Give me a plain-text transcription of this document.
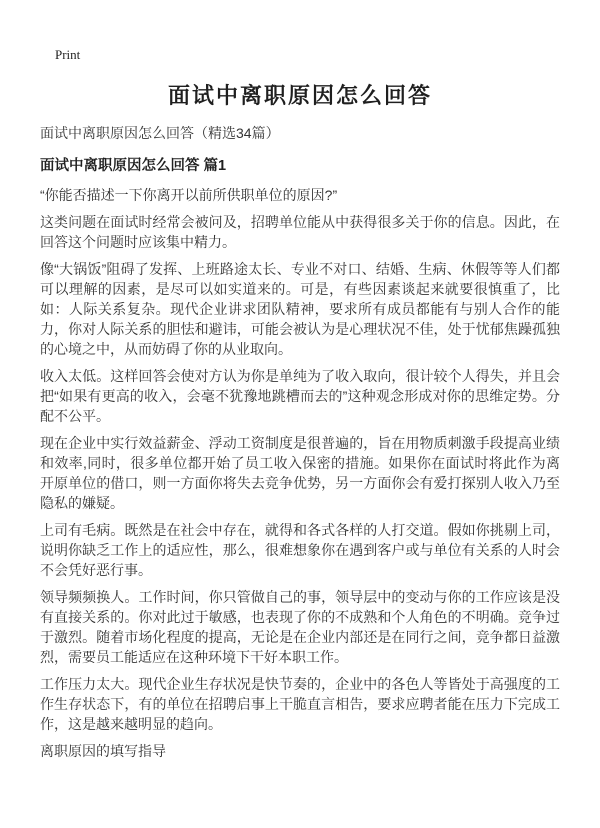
Print
面试中离职原因怎么回答
面试中离职原因怎么回答（精选34篇）
面试中离职原因怎么回答 篇1

“你能否描述一下你离开以前所供职单位的原因?”

这类问题在面试时经常会被问及，招聘单位能从中获得很多关于你的信息。因此，在回答这个问题时应该集中精力。

像“大锅饭”阻碍了发挥、上班路途太长、专业不对口、结婚、生病、休假等等人们都可以理解的因素，是尽可以如实道来的。可是，有些因素谈起来就要很慎重了，比如：人际关系复杂。现代企业讲求团队精神，要求所有成员都能有与别人合作的能力，你对人际关系的胆怯和避讳，可能会被认为是心理状况不佳，处于忧郁焦躁孤独的心境之中，从而妨碍了你的从业取向。

收入太低。这样回答会使对方认为你是单纯为了收入取向，很计较个人得失，并且会把“如果有更高的收入，会毫不犹豫地跳槽而去的”这种观念形成对你的思维定势。分配不公平。

现在企业中实行效益薪金、浮动工资制度是很普遍的，旨在用物质刺激手段提高业绩和效率,同时，很多单位都开始了员工收入保密的措施。如果你在面试时将此作为离开原单位的借口，则一方面你将失去竞争优势，另一方面你会有爱打探别人收入乃至隐私的嫌疑。

上司有毛病。既然是在社会中存在，就得和各式各样的人打交道。假如你挑剔上司，说明你缺乏工作上的适应性，那么，很难想象你在遇到客户或与单位有关系的人时会不会凭好恶行事。

领导频频换人。工作时间，你只管做自己的事，领导层中的变动与你的工作应该是没有直接关系的。你对此过于敏感，也表现了你的不成熟和个人角色的不明确。竞争过于激烈。随着市场化程度的提高，无论是在企业内部还是在同行之间，竞争都日益激烈，需要员工能适应在这种环境下干好本职工作。

工作压力太大。现代企业生存状况是快节奏的，企业中的各色人等皆处于高强度的工作生存状态下，有的单位在招聘启事上干脆直言相告，要求应聘者能在压力下完成工作，这是越来越明显的趋向。

离职原因的填写指导
